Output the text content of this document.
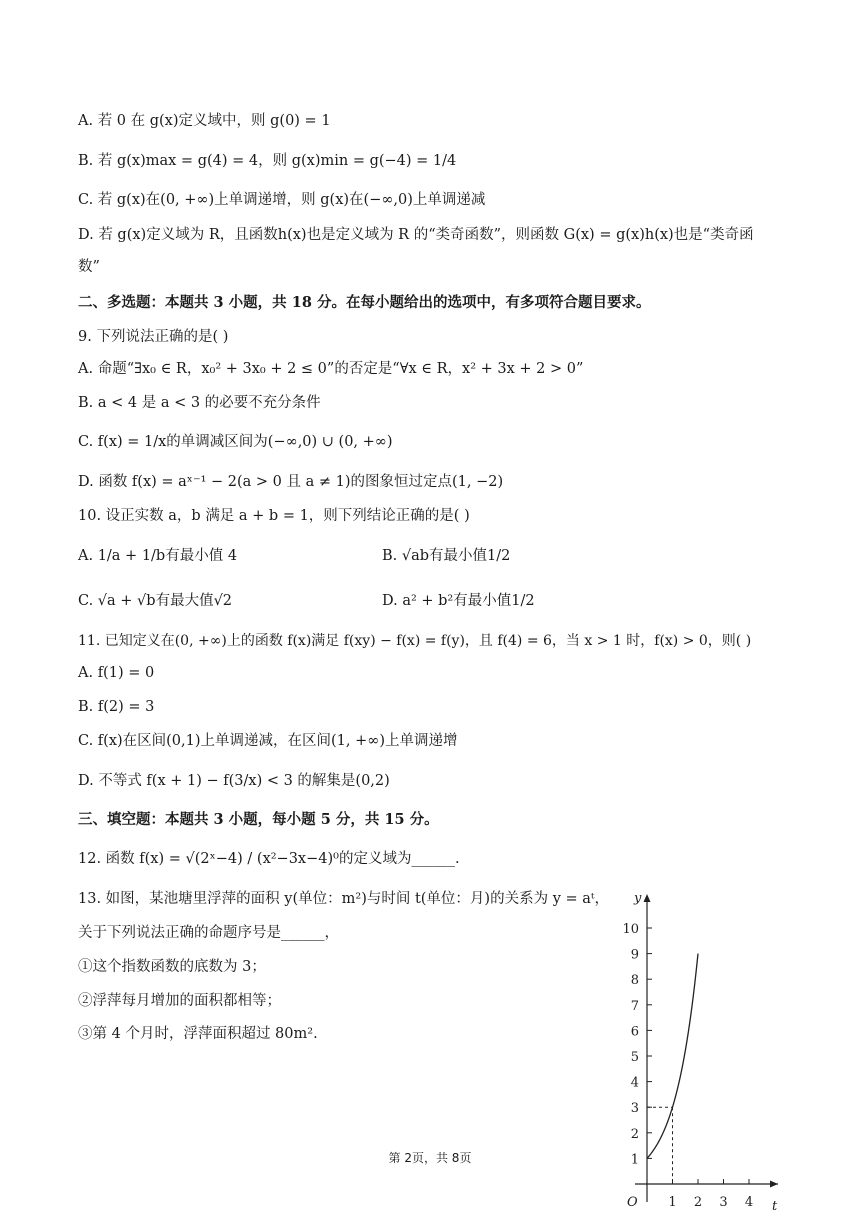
A. 若 0 在 g(x)定义域中，则 g(0) = 1
B. 若 g(x)max = g(4) = 4，则 g(x)min = g(−4) = 1/4
C. 若 g(x)在(0, +∞)上单调递增，则 g(x)在(−∞,0)上单调递减
D. 若 g(x)定义域为 R，且函数h(x)也是定义域为 R 的“类奇函数”，则函数 G(x) = g(x)h(x)也是“类奇函
数”
二、多选题：本题共 3 小题，共 18 分。在每小题给出的选项中，有多项符合题目要求。
9. 下列说法正确的是( )
A. 命题“∃x₀ ∈ R，x₀² + 3x₀ + 2 ≤ 0”的否定是“∀x ∈ R，x² + 3x + 2 > 0”
B. a < 4 是 a < 3 的必要不充分条件
C. f(x) = 1/x的单调减区间为(−∞,0) ∪ (0, +∞)
D. 函数 f(x) = aˣ⁻¹ − 2(a > 0 且 a ≠ 1)的图象恒过定点(1, −2)
10. 设正实数 a，b 满足 a + b = 1，则下列结论正确的是( )
A. 1/a + 1/b有最小值 4	B. √ab有最小值1/2
C. √a + √b有最大值√2	D. a² + b²有最小值1/2
11. 已知定义在(0, +∞)上的函数 f(x)满足 f(xy) − f(x) = f(y)，且 f(4) = 6，当 x > 1 时，f(x) > 0，则( )
A. f(1) = 0
B. f(2) = 3
C. f(x)在区间(0,1)上单调递减，在区间(1, +∞)上单调递增
D. 不等式 f(x + 1) − f(3/x) < 3 的解集是(0,2)
三、填空题：本题共 3 小题，每小题 5 分，共 15 分。
12. 函数 f(x) = √(2ˣ−4) / (x²−3x−4)⁰的定义域为______.
13. 如图，某池塘里浮萍的面积 y(单位：m²)与时间 t(单位：月)的关系为 y = aᵗ，
关于下列说法正确的命题序号是______，
①这个指数函数的底数为 3；
②浮萍每月增加的面积都相等；
③第 4 个月时，浮萍面积超过 80m².
y
t
O
1
2
3
4
5
6
7
8
9
10
1 2 3 4
第 2页，共 8页
